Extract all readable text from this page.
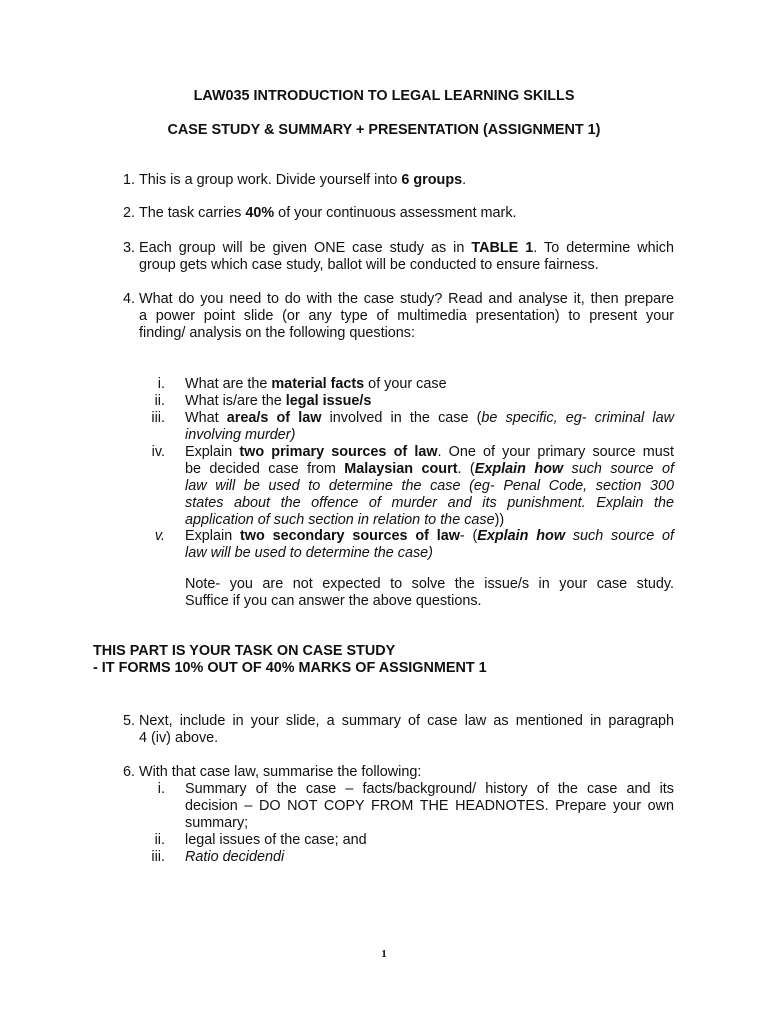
LAW035 INTRODUCTION TO LEGAL LEARNING SKILLS
CASE STUDY & SUMMARY + PRESENTATION (ASSIGNMENT 1)
1. This is a group work. Divide yourself into 6 groups.
2. The task carries 40% of your continuous assessment mark.
3. Each group will be given ONE case study as in TABLE 1. To determine which
group gets which case study, ballot will be conducted to ensure fairness.
4. What do you need to do with the case study? Read and analyse it, then prepare
a power point slide (or any type of multimedia presentation) to present your
finding/ analysis on the following questions:
i. What are the material facts of your case
ii. What is/are the legal issue/s
iii. What area/s of law involved in the case (be specific, eg- criminal law
involving murder)
iv. Explain two primary sources of law. One of your primary source must
be decided case from Malaysian court. (Explain how such source of
law will be used to determine the case (eg- Penal Code, section 300
states about the offence of murder and its punishment. Explain the
application of such section in relation to the case))
v. Explain two secondary sources of law- (Explain how such source of
law will be used to determine the case)
Note- you are not expected to solve the issue/s in your case study.
Suffice if you can answer the above questions.
THIS PART IS YOUR TASK ON CASE STUDY
- IT FORMS 10% OUT OF 40% MARKS OF ASSIGNMENT 1
5. Next, include in your slide, a summary of case law as mentioned in paragraph
4 (iv) above.
6. With that case law, summarise the following:
i. Summary of the case – facts/background/ history of the case and its
decision – DO NOT COPY FROM THE HEADNOTES. Prepare your own
summary;
ii. legal issues of the case; and
iii. Ratio decidendi
1
